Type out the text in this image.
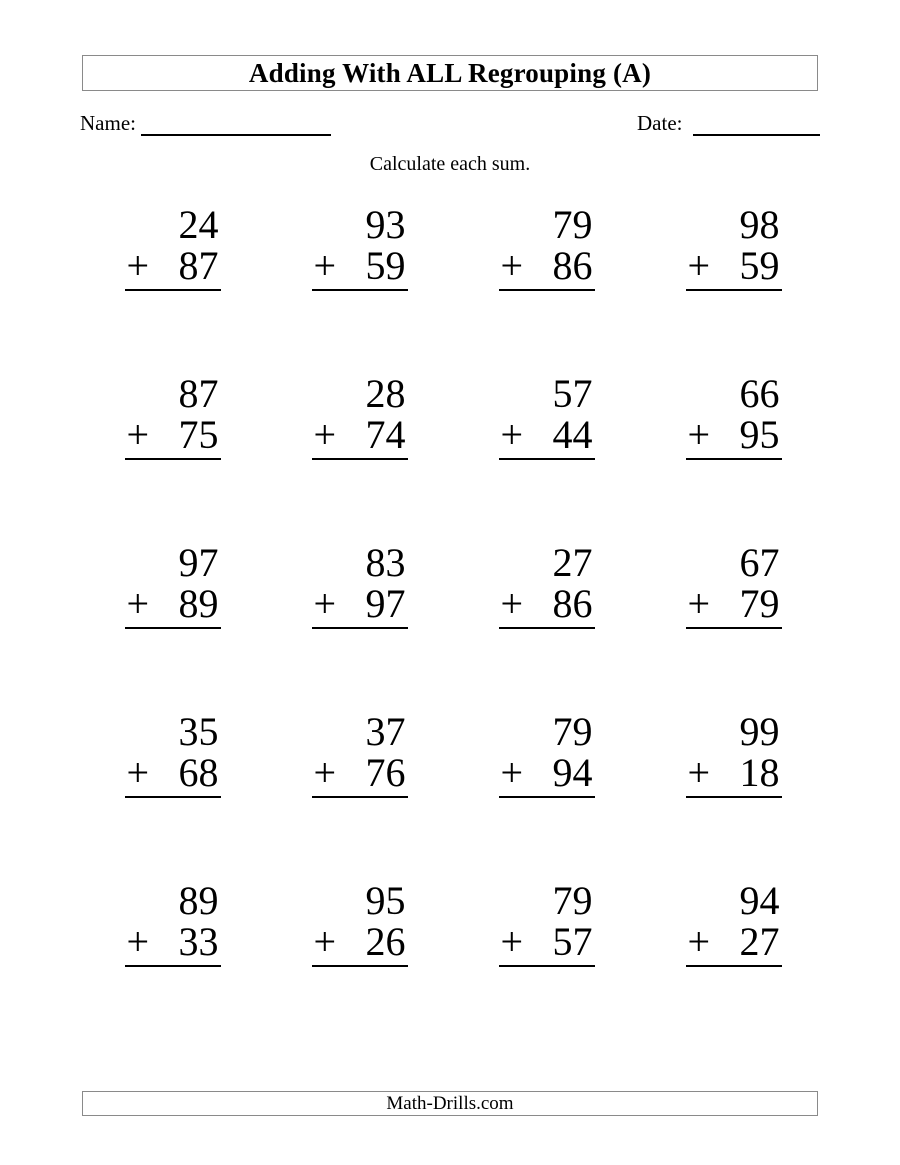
Adding With ALL Regrouping (A)
Name:	Date:
Calculate each sum.
24
+ 87
93
+ 59
79
+ 86
98
+ 59
87
+ 75
28
+ 74
57
+ 44
66
+ 95
97
+ 89
83
+ 97
27
+ 86
67
+ 79
35
+ 68
37
+ 76
79
+ 94
99
+ 18
89
+ 33
95
+ 26
79
+ 57
94
+ 27
Math-Drills.com
